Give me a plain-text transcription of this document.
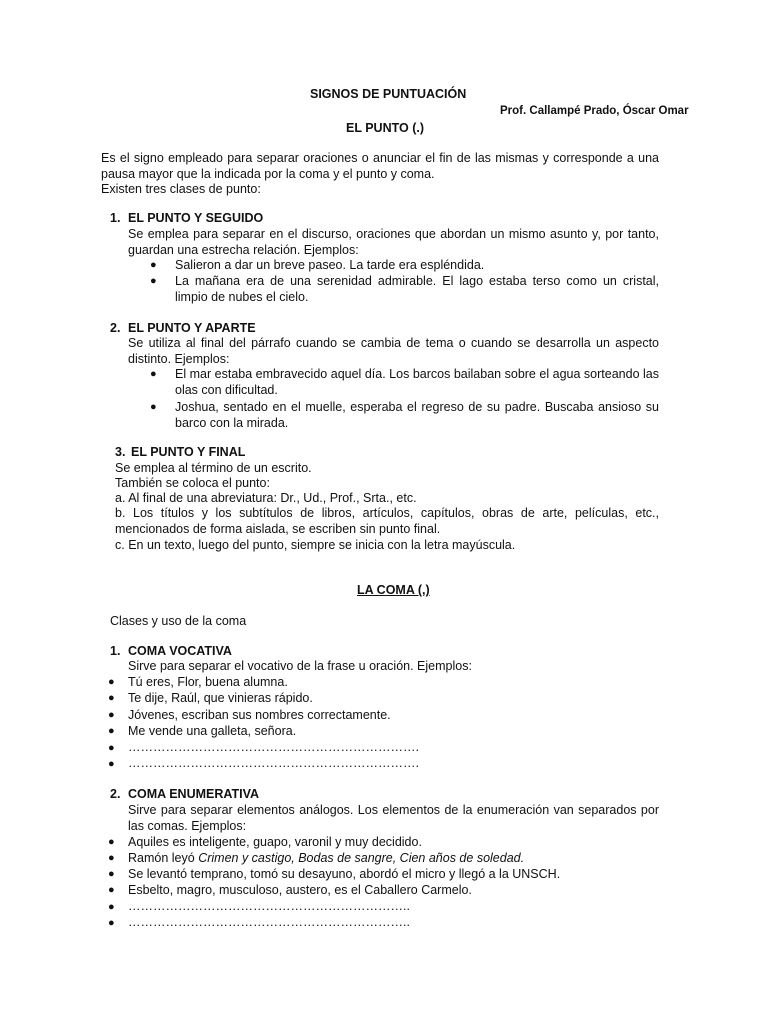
SIGNOS DE PUNTUACIÓN
Prof. Callampé Prado, Óscar Omar
EL PUNTO (.)
Es el signo empleado para separar oraciones o anunciar el fin de las mismas y corresponde a una pausa mayor que la indicada por la coma y el punto y coma.
Existen tres clases de punto:
1. EL PUNTO Y SEGUIDO
Se emplea para separar en el discurso, oraciones que abordan un mismo asunto y, por tanto, guardan una estrecha relación. Ejemplos:
● Salieron a dar un breve paseo. La tarde era espléndida.
● La mañana era de una serenidad admirable. El lago estaba terso como un cristal, limpio de nubes el cielo.
2. EL PUNTO Y APARTE
Se utiliza al final del párrafo cuando se cambia de tema o cuando se desarrolla un aspecto distinto. Ejemplos:
● El mar estaba embravecido aquel día. Los barcos bailaban sobre el agua sorteando las olas con dificultad.
● Joshua, sentado en el muelle, esperaba el regreso de su padre. Buscaba ansioso su barco con la mirada.
3. EL PUNTO Y FINAL
Se emplea al término de un escrito.
También se coloca el punto:
a. Al final de una abreviatura: Dr., Ud., Prof., Srta., etc.
b. Los títulos y los subtítulos de libros, artículos, capítulos, obras de arte, películas, etc., mencionados de forma aislada, se escriben sin punto final.
c. En un texto, luego del punto, siempre se inicia con la letra mayúscula.
LA COMA (,)
Clases y uso de la coma
1. COMA VOCATIVA
Sirve para separar el vocativo de la frase u oración. Ejemplos:
● Tú eres, Flor, buena alumna.
● Te dije, Raúl, que vinieras rápido.
● Jóvenes, escriban sus nombres correctamente.
● Me vende una galleta, señora.
● …………………………………………………………….
● …………………………………………………………….
2. COMA ENUMERATIVA
Sirve para separar elementos análogos. Los elementos de la enumeración van separados por las comas. Ejemplos:
● Aquiles es inteligente, guapo, varonil y muy decidido.
● Ramón leyó Crimen y castigo, Bodas de sangre, Cien años de soledad.
● Se levantó temprano, tomó su desayuno, abordó el micro y llegó a la UNSCH.
● Esbelto, magro, musculoso, austero, es el Caballero Carmelo.
● …………………………………………………………..
● …………………………………………………………..
